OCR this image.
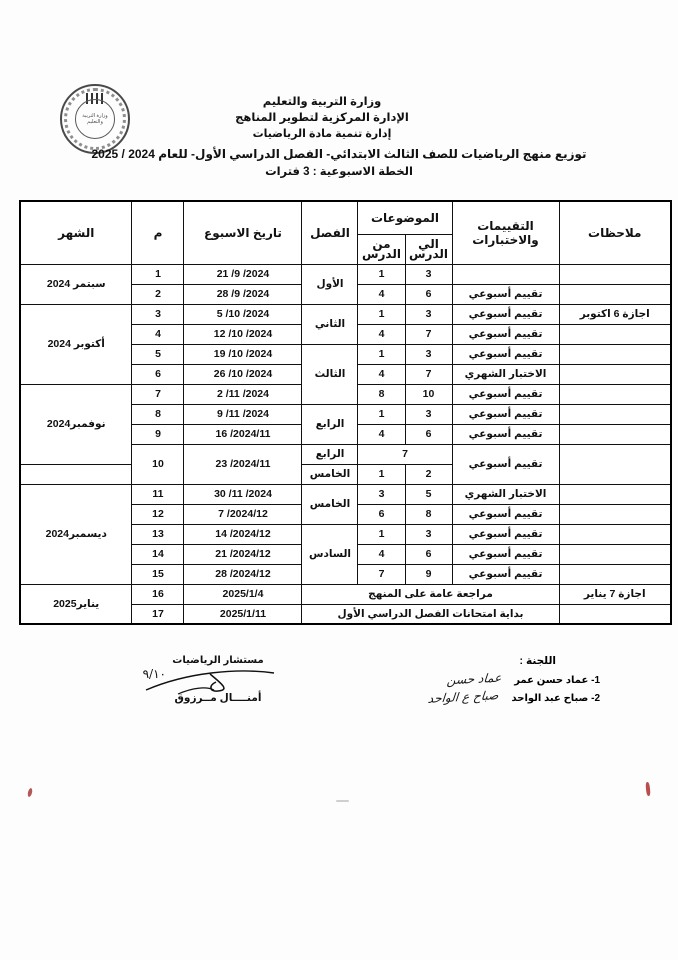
وزارة التربية والتعليم
وزارة التربية والتعليم
الإدارة المركزية لتطوير المناهج
إدارة تنمية مادة الرياضيات
توزيع منهج الرياضيات للصف الثالث الابتدائي- الفصل الدراسي الأول- للعام 2024 / 2025
الخطة الاسبوعية : 3 فترات
ملاحظات	التقييمات والاختبارات	الموضوعات		الفصل	تاريخ الاسبوع	م	الشهر
		الي الدرس	من الدرس				
		3	1	الأول	2024/ 9/ 21	1	سبتمر 2024
	تقييم أسبوعي	6	4		2024/ 9/ 28	2	
اجازة 6 اكتوبر	تقييم أسبوعي	3	1	الثاني	2024/ 10/ 5	3	أكتوبر 2024
	تقييم أسبوعي	7	4		2024/ 10/ 12	4	
	تقييم أسبوعي	3	1	الثالث	2024/ 10/ 19	5	
	الاختبار الشهري	7	4		2024/ 10/ 26	6	
	تقييم أسبوعي	10	8		2024/ 11/ 2	7	نوفمبر2024
	تقييم أسبوعي	3	1	الرابع	2024/ 11/ 9	8	
	تقييم أسبوعي	6	4		2024/11/ 16	9	
	تقييم أسبوعي	7		الرابع	2024/11/ 23	10	
		2	1	الخامس			
	الاختبار الشهري	5	3	الخامس	2024/ 11/ 30	11	ديسمبر2024
	تقييم أسبوعي	8	6		2024/12/ 7	12	
	تقييم أسبوعي	3	1	السادس	2024/12/ 14	13	
	تقييم أسبوعي	6	4		2024/12/ 21	14	
	تقييم أسبوعي	9	7		2024/12/ 28	15	
اجازة 7 يناير	مراجعة عامة على المنهج				2025/1/4	16	يناير2025
	بداية امتحانات الفصل الدراسي الأول				2025/1/11	17	
مستشار الرياضيات
٩/١٠
أمنــــال مــرزوق
اللجنة :
1- عماد حسن عمر عماد حسن
2- صباح عبد الواحد صباح ع الواحد
